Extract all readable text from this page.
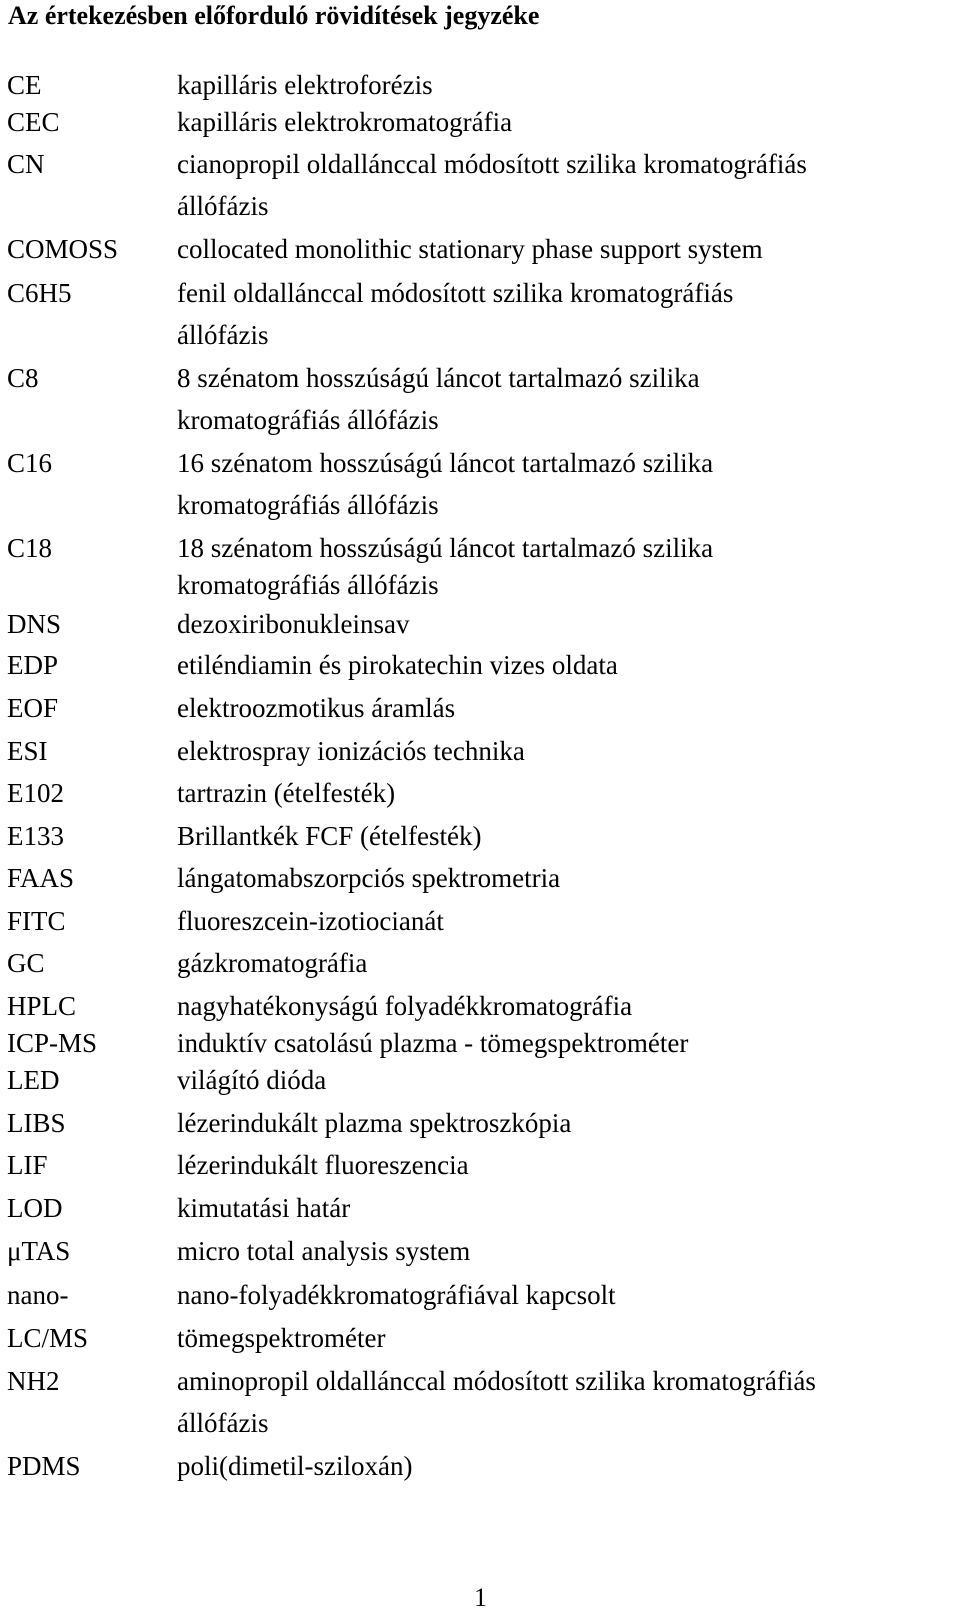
Az értekezésben előforduló rövidítések jegyzéke
CE	kapilláris elektroforézis
CEC	kapilláris elektrokromatográfia
CN	cianopropil oldallánccal módosított szilika kromatográfiás
állófázis
COMOSS collocated monolithic stationary phase support system
C6H5	fenil oldallánccal módosított szilika kromatográfiás
állófázis
C8	8 szénatom hosszúságú láncot tartalmazó szilika
kromatográfiás állófázis
C16	16 szénatom hosszúságú láncot tartalmazó szilika
kromatográfiás állófázis
C18	18 szénatom hosszúságú láncot tartalmazó szilika
kromatográfiás állófázis
DNS	dezoxiribonukleinsav
EDP	etiléndiamin és pirokatechin vizes oldata
EOF	elektroozmotikus áramlás
ESI	elektrospray ionizációs technika
E102	tartrazin (ételfesték)
E133	Brillantkék FCF (ételfesték)
FAAS	lángatomabszorpciós spektrometria
FITC	fluoreszcein-izotiocianát
GC	gázkromatográfia
HPLC	nagyhatékonyságú folyadékkromatográfia
ICP-MS	induktív csatolású plazma - tömegspektrométer
LED	világító dióda
LIBS	lézerindukált plazma spektroszkópia
LIF	lézerindukált fluoreszencia
LOD	kimutatási határ
μTAS	micro total analysis system
nano-	nano-folyadékkromatográfiával kapcsolt
LC/MS	tömegspektrométer
NH2	aminopropil oldallánccal módosított szilika kromatográfiás
állófázis
PDMS	poli(dimetil-sziloxán)
1
